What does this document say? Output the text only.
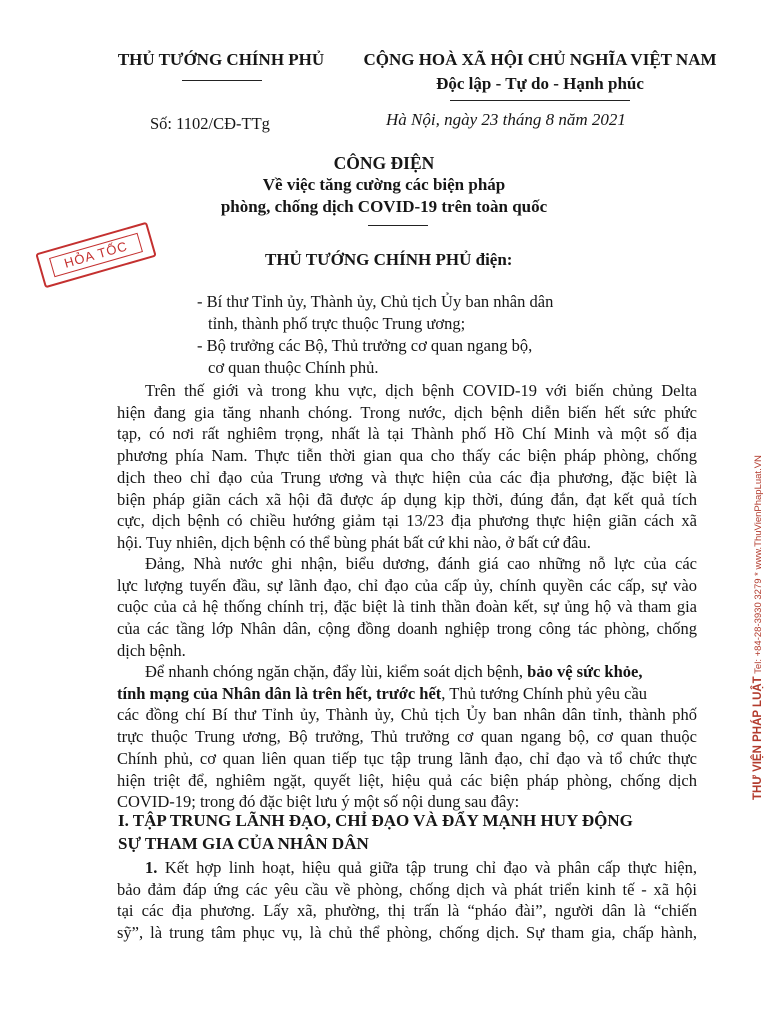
THỦ TƯỚNG CHÍNH PHỦ	CỘNG HOÀ XÃ HỘI CHỦ NGHĨA VIỆT NAM
Độc lập - Tự do - Hạnh phúc
Số: 1102/CĐ-TTg	Hà Nội, ngày 23 tháng 8 năm 2021
CÔNG ĐIỆN
Về việc tăng cường các biện pháp
phòng, chống dịch COVID-19 trên toàn quốc
HỎA TỐC	THỦ TƯỚNG CHÍNH PHỦ điện:
- Bí thư Tỉnh ủy, Thành ủy, Chủ tịch Ủy ban nhân dân
tỉnh, thành phố trực thuộc Trung ương;
- Bộ trưởng các Bộ, Thủ trưởng cơ quan ngang bộ,
cơ quan thuộc Chính phủ.
Trên thế giới và trong khu vực, dịch bệnh COVID-19 với biến chủng Delta
hiện đang gia tăng nhanh chóng. Trong nước, dịch bệnh diễn biến hết sức phức
tạp, có nơi rất nghiêm trọng, nhất là tại Thành phố Hồ Chí Minh và một số địa
phương phía Nam. Thực tiễn thời gian qua cho thấy các biện pháp phòng, chống
dịch theo chỉ đạo của Trung ương và thực hiện của các địa phương, đặc biệt là
biện pháp giãn cách xã hội đã được áp dụng kịp thời, đúng đắn, đạt kết quả tích
cực, dịch bệnh có chiều hướng giảm tại 13/23 địa phương thực hiện giãn cách xã
hội. Tuy nhiên, dịch bệnh có thể bùng phát bất cứ khi nào, ở bất cứ đâu.
Đảng, Nhà nước ghi nhận, biểu dương, đánh giá cao những nỗ lực của các
lực lượng tuyến đầu, sự lãnh đạo, chỉ đạo của cấp ủy, chính quyền các cấp, sự vào
cuộc của cả hệ thống chính trị, đặc biệt là tinh thần đoàn kết, sự ủng hộ và tham gia
của các tầng lớp Nhân dân, cộng đồng doanh nghiệp trong công tác phòng, chống
dịch bệnh.
Để nhanh chóng ngăn chặn, đẩy lùi, kiểm soát dịch bệnh, bảo vệ sức khỏe,
tính mạng của Nhân dân là trên hết, trước hết, Thủ tướng Chính phủ yêu cầu
các đồng chí Bí thư Tỉnh ủy, Thành ủy, Chủ tịch Ủy ban nhân dân tỉnh, thành phố
trực thuộc Trung ương, Bộ trưởng, Thủ trưởng cơ quan ngang bộ, cơ quan thuộc
Chính phủ, cơ quan liên quan tiếp tục tập trung lãnh đạo, chỉ đạo và tổ chức thực
hiện triệt để, nghiêm ngặt, quyết liệt, hiệu quả các biện pháp phòng, chống dịch
COVID-19; trong đó đặc biệt lưu ý một số nội dung sau đây:
I. TẬP TRUNG LÃNH ĐẠO, CHỈ ĐẠO VÀ ĐẨY MẠNH HUY ĐỘNG
SỰ THAM GIA CỦA NHÂN DÂN
1. Kết hợp linh hoạt, hiệu quả giữa tập trung chỉ đạo và phân cấp thực hiện,
bảo đảm đáp ứng các yêu cầu về phòng, chống dịch và phát triển kinh tế - xã hội
tại các địa phương. Lấy xã, phường, thị trấn là “pháo đài”, người dân là “chiến
sỹ”, là trung tâm phục vụ, là chủ thể phòng, chống dịch. Sự tham gia, chấp hành,
THƯ VIỆN PHÁP LUẬT Tel: +84-28-3930 3279 * www.ThuVienPhapLuat.VN
